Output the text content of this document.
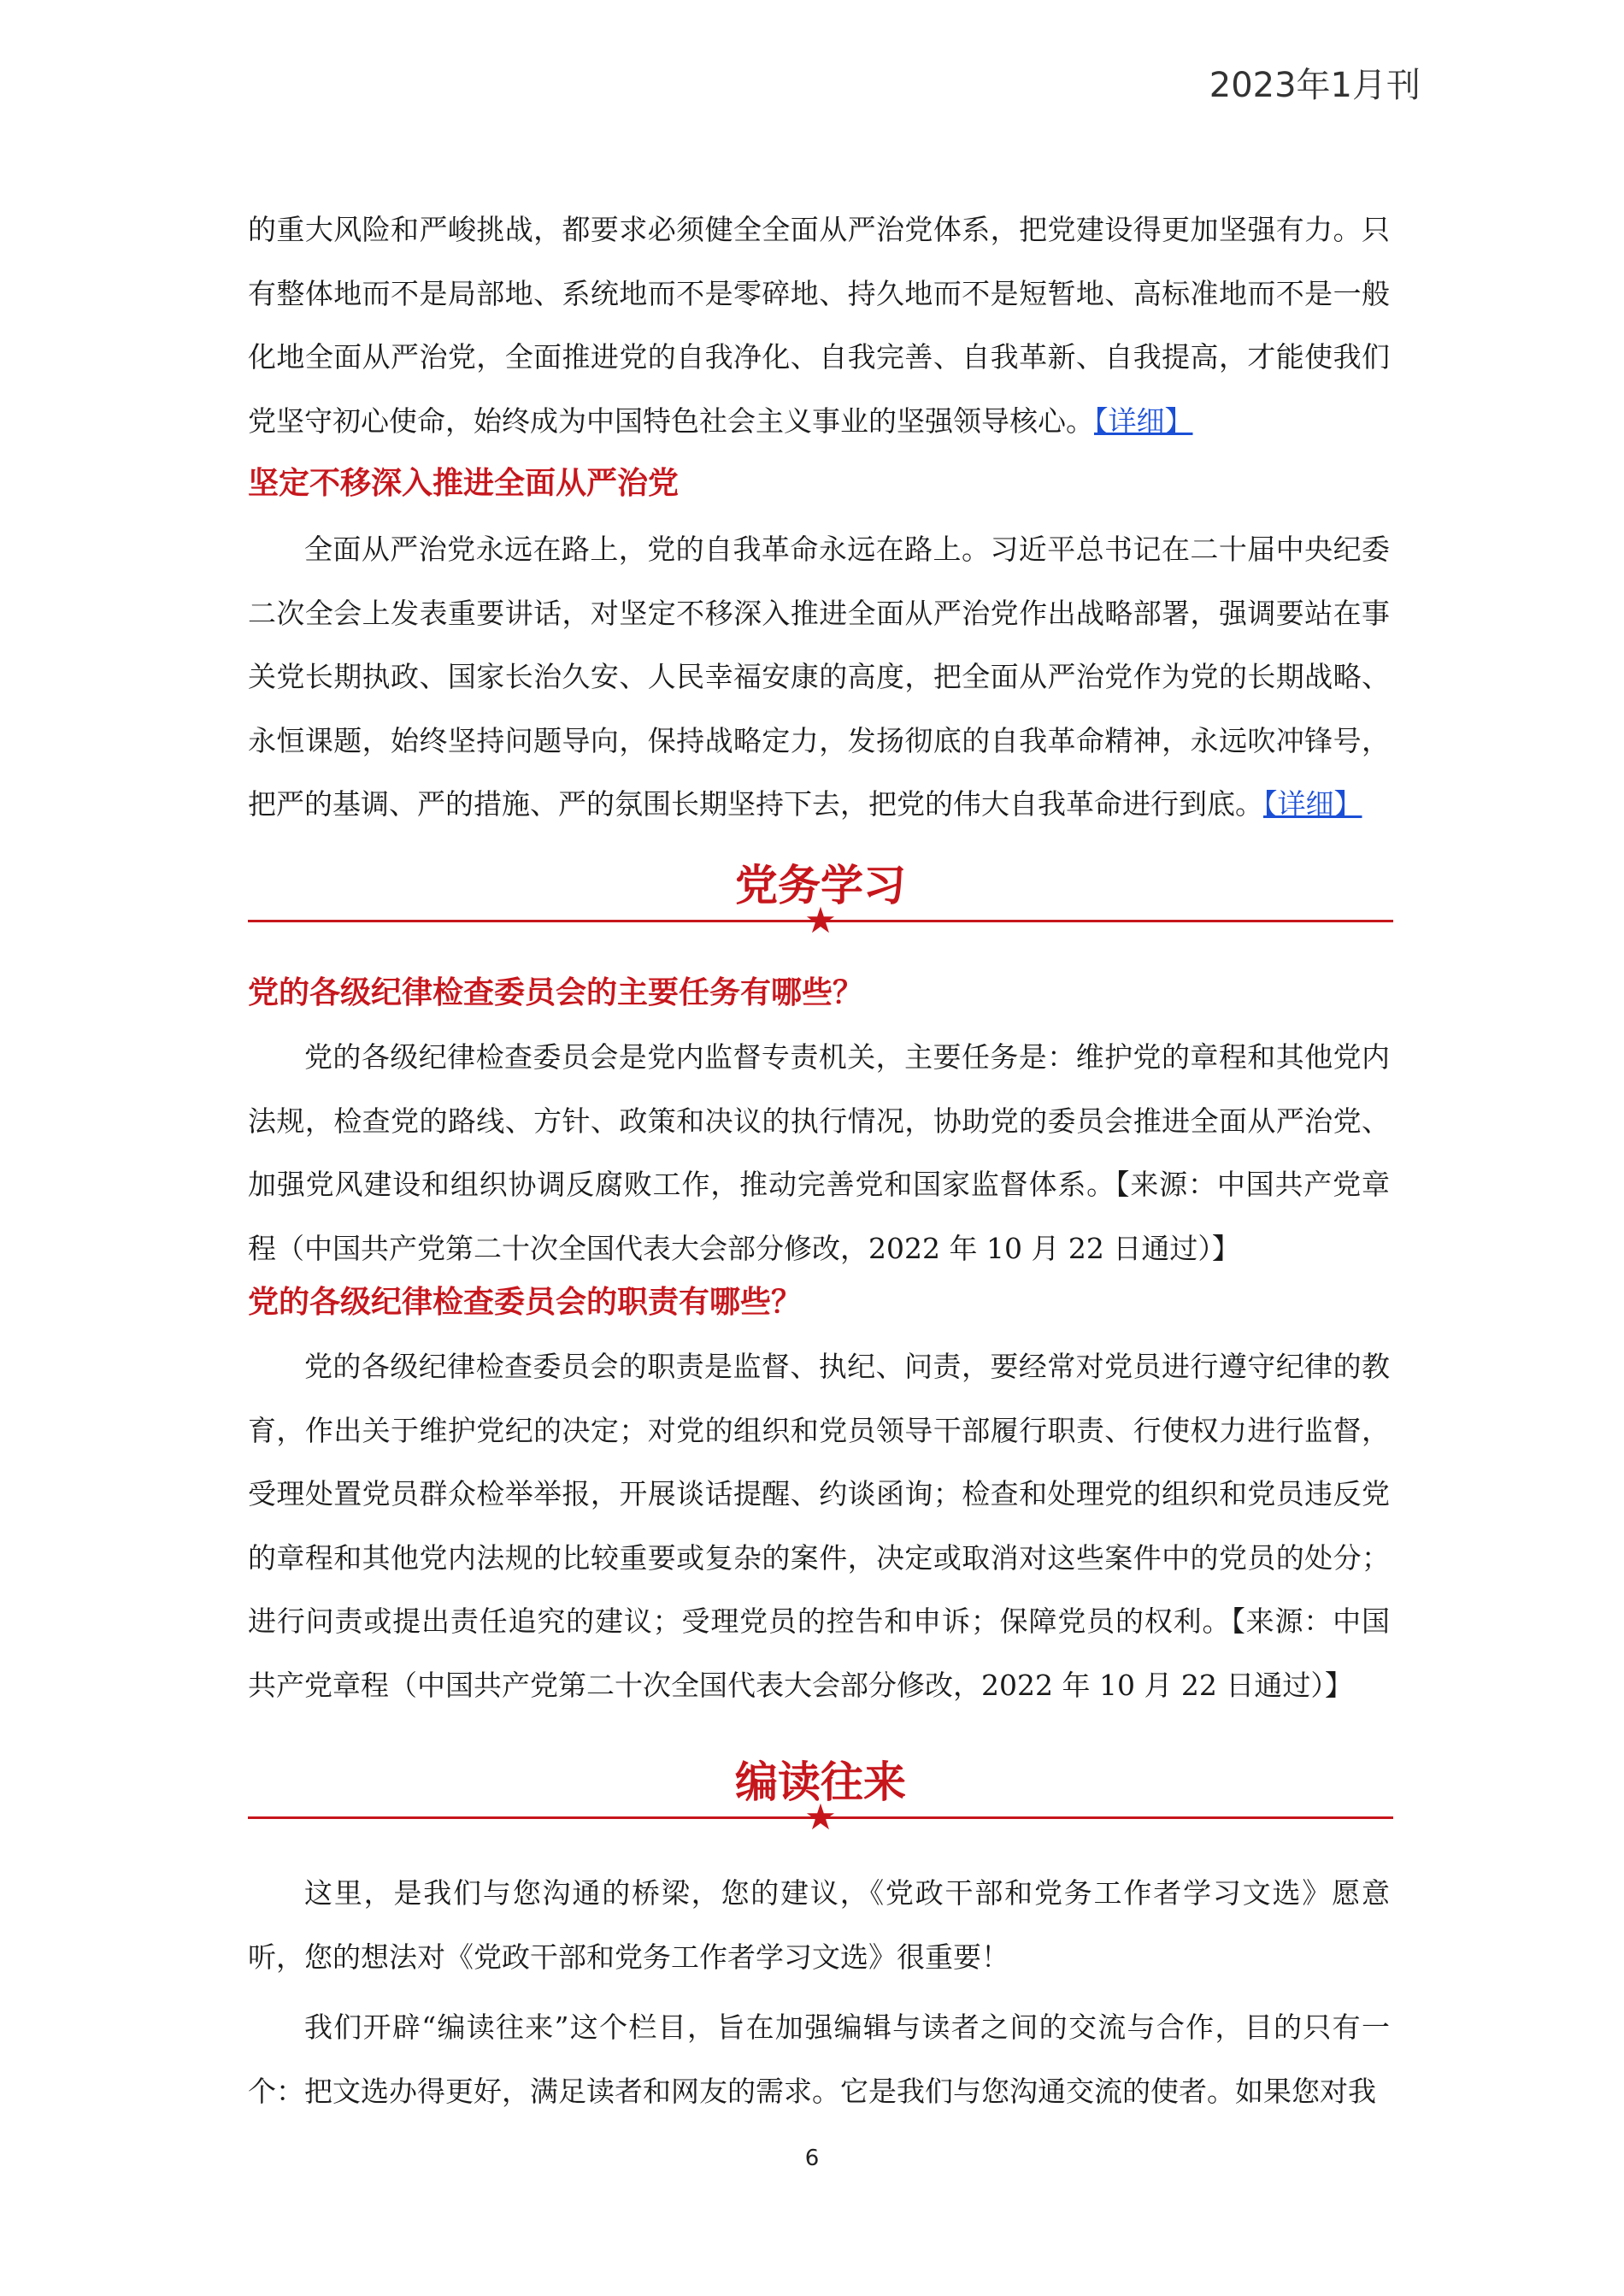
2023年1月刊

的重大风险和严峻挑战，都要求必须健全全面从严治党体系，把党建设得更加坚强有力。只有整体地而不是局部地、系统地而不是零碎地、持久地而不是短暂地、高标准地而不是一般化地全面从严治党，全面推进党的自我净化、自我完善、自我革新、自我提高，才能使我们党坚守初心使命，始终成为中国特色社会主义事业的坚强领导核心。【详细】

坚定不移深入推进全面从严治党

全面从严治党永远在路上，党的自我革命永远在路上。习近平总书记在二十届中央纪委二次全会上发表重要讲话，对坚定不移深入推进全面从严治党作出战略部署，强调要站在事关党长期执政、国家长治久安、人民幸福安康的高度，把全面从严治党作为党的长期战略、永恒课题，始终坚持问题导向，保持战略定力，发扬彻底的自我革命精神，永远吹冲锋号，把严的基调、严的措施、严的氛围长期坚持下去，把党的伟大自我革命进行到底。【详细】

党务学习
★

党的各级纪律检查委员会的主要任务有哪些？

党的各级纪律检查委员会是党内监督专责机关，主要任务是：维护党的章程和其他党内法规，检查党的路线、方针、政策和决议的执行情况，协助党的委员会推进全面从严治党、加强党风建设和组织协调反腐败工作，推动完善党和国家监督体系。【来源：中国共产党章程（中国共产党第二十次全国代表大会部分修改，2022 年 10 月 22 日通过）】

党的各级纪律检查委员会的职责有哪些？

党的各级纪律检查委员会的职责是监督、执纪、问责，要经常对党员进行遵守纪律的教育，作出关于维护党纪的决定；对党的组织和党员领导干部履行职责、行使权力进行监督，受理处置党员群众检举举报，开展谈话提醒、约谈函询；检查和处理党的组织和党员违反党的章程和其他党内法规的比较重要或复杂的案件，决定或取消对这些案件中的党员的处分；进行问责或提出责任追究的建议；受理党员的控告和申诉；保障党员的权利。【来源：中国共产党章程（中国共产党第二十次全国代表大会部分修改，2022 年 10 月 22 日通过）】

编读往来
★

这里，是我们与您沟通的桥梁，您的建议，《党政干部和党务工作者学习文选》愿意听，您的想法对《党政干部和党务工作者学习文选》很重要！

我们开辟“编读往来”这个栏目，旨在加强编辑与读者之间的交流与合作，目的只有一个：把文选办得更好，满足读者和网友的需求。它是我们与您沟通交流的使者。如果您对我

6
